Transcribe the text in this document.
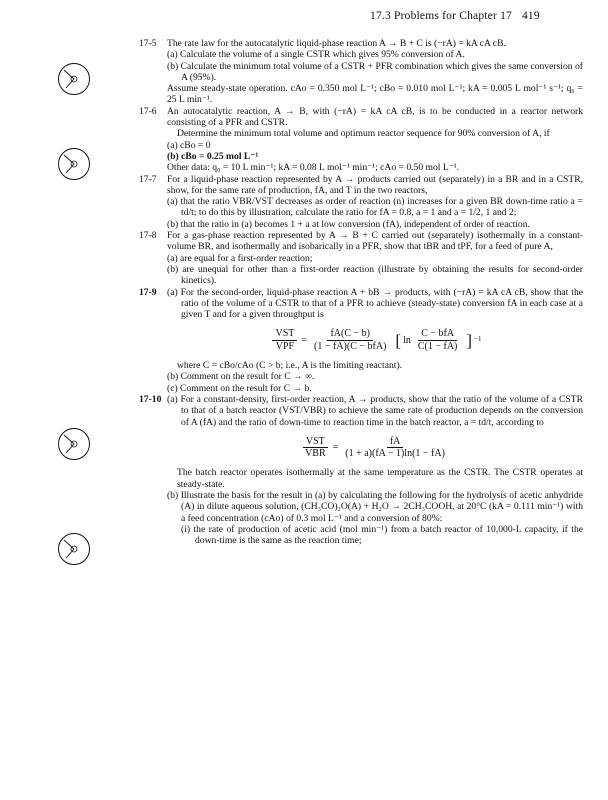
17.3 Problems for Chapter 17 419
17-5 The rate law for the autocatalytic liquid-phase reaction A → B + C is (−rA) = kA cA cB.
(a) Calculate the volume of a single CSTR which gives 95% conversion of A.
(b) Calculate the minimum total volume of a CSTR + PFR combination which gives the same conversion of A (95%).
Assume steady-state operation. cAo = 0.350 mol L⁻¹; cBo = 0.010 mol L⁻¹; kA = 0.005 L mol⁻¹ s⁻¹; q₀ = 25 L min⁻¹.
17-6 An autocatalytic reaction, A → B, with (−rA) = kA cA cB, is to be conducted in a reactor network consisting of a PFR and CSTR.
Determine the minimum total volume and optimum reactor sequence for 90% conversion of A, if
(a) cBo = 0
(b) cBo = 0.25 mol L⁻¹
Other data: q₀ = 10 L min⁻¹; kA = 0.08 L mol⁻¹ min⁻¹; cAo = 0.50 mol L⁻¹.
17-7 For a liquid-phase reaction represented by A → products carried out (separately) in a BR and in a CSTR, show, for the same rate of production, fA, and T in the two reactors,
(a) that the ratio VBR/VST decreases as order of reaction (n) increases for a given BR down-time ratio a = td/t; to do this by illustration, calculate the ratio for fA = 0.8, a = 1 and a = 1/2, 1 and 2;
(b) that the ratio in (a) becomes 1 + a at low conversion (fA), independent of order of reaction.
17-8 For a gas-phase reaction represented by A → B + C carried out (separately) isothermally in a constant-volume BR, and isothermally and isobarically in a PFR, show that tBR and tPF, for a feed of pure A,
(a) are equal for a first-order reaction;
(b) are unequal for other than a first-order reaction (illustrate by obtaining the results for second-order kinetics).
17-9 (a) For the second-order, liquid-phase reaction A + bB → products, with (−rA) = kA cA cB, show that the ratio of the volume of a CSTR to that of a PFR to achieve (steady-state) conversion fA in each case at a given T and for a given throughput is
$\frac{\text{VST}}{\text{VPF}} = \frac{fA(C - b)}{\text{(1 − fA)(C − bfA)}}$ [ $\ln \frac{\text{C − bfA}}{C(1 - fA)}$ ] −1
where C = cBo/cAo (C > b; i.e., A is the limiting reactant).
(b) Comment on the result for C → ∞.
(c) Comment on the result for C → b.
17-10 (a) For a constant-density, first-order reaction, A → products, show that the ratio of the volume of a CSTR to that of a batch reactor (VST/VBR) to achieve the same rate of production depends on the conversion of A (fA) and the ratio of down-time to reaction time in the batch reactor, a = td/t, according to
$\frac{\text{VST}}{\text{VBR}} = \frac{fA}{(1 + a)(fA - 1)\ln(1 - fA)}$
The batch reactor operates isothermally at the same temperature as the CSTR. The CSTR operates at steady-state.
(b) Illustrate the basis for the result in (a) by calculating the following for the hydrolysis of acetic anhydride (A) in dilute aqueous solution, (CH₃CO)₂O(A) + H₂O → 2CH₃COOH, at 20°C (kA = 0.111 min⁻¹) with a feed concentration (cAo) of 0.3 mol L⁻¹ and a conversion of 80%:
(i) the rate of production of acetic acid (mol min⁻¹) from a batch reactor of 10,000-L capacity, if the down-time is the same as the reaction time;
